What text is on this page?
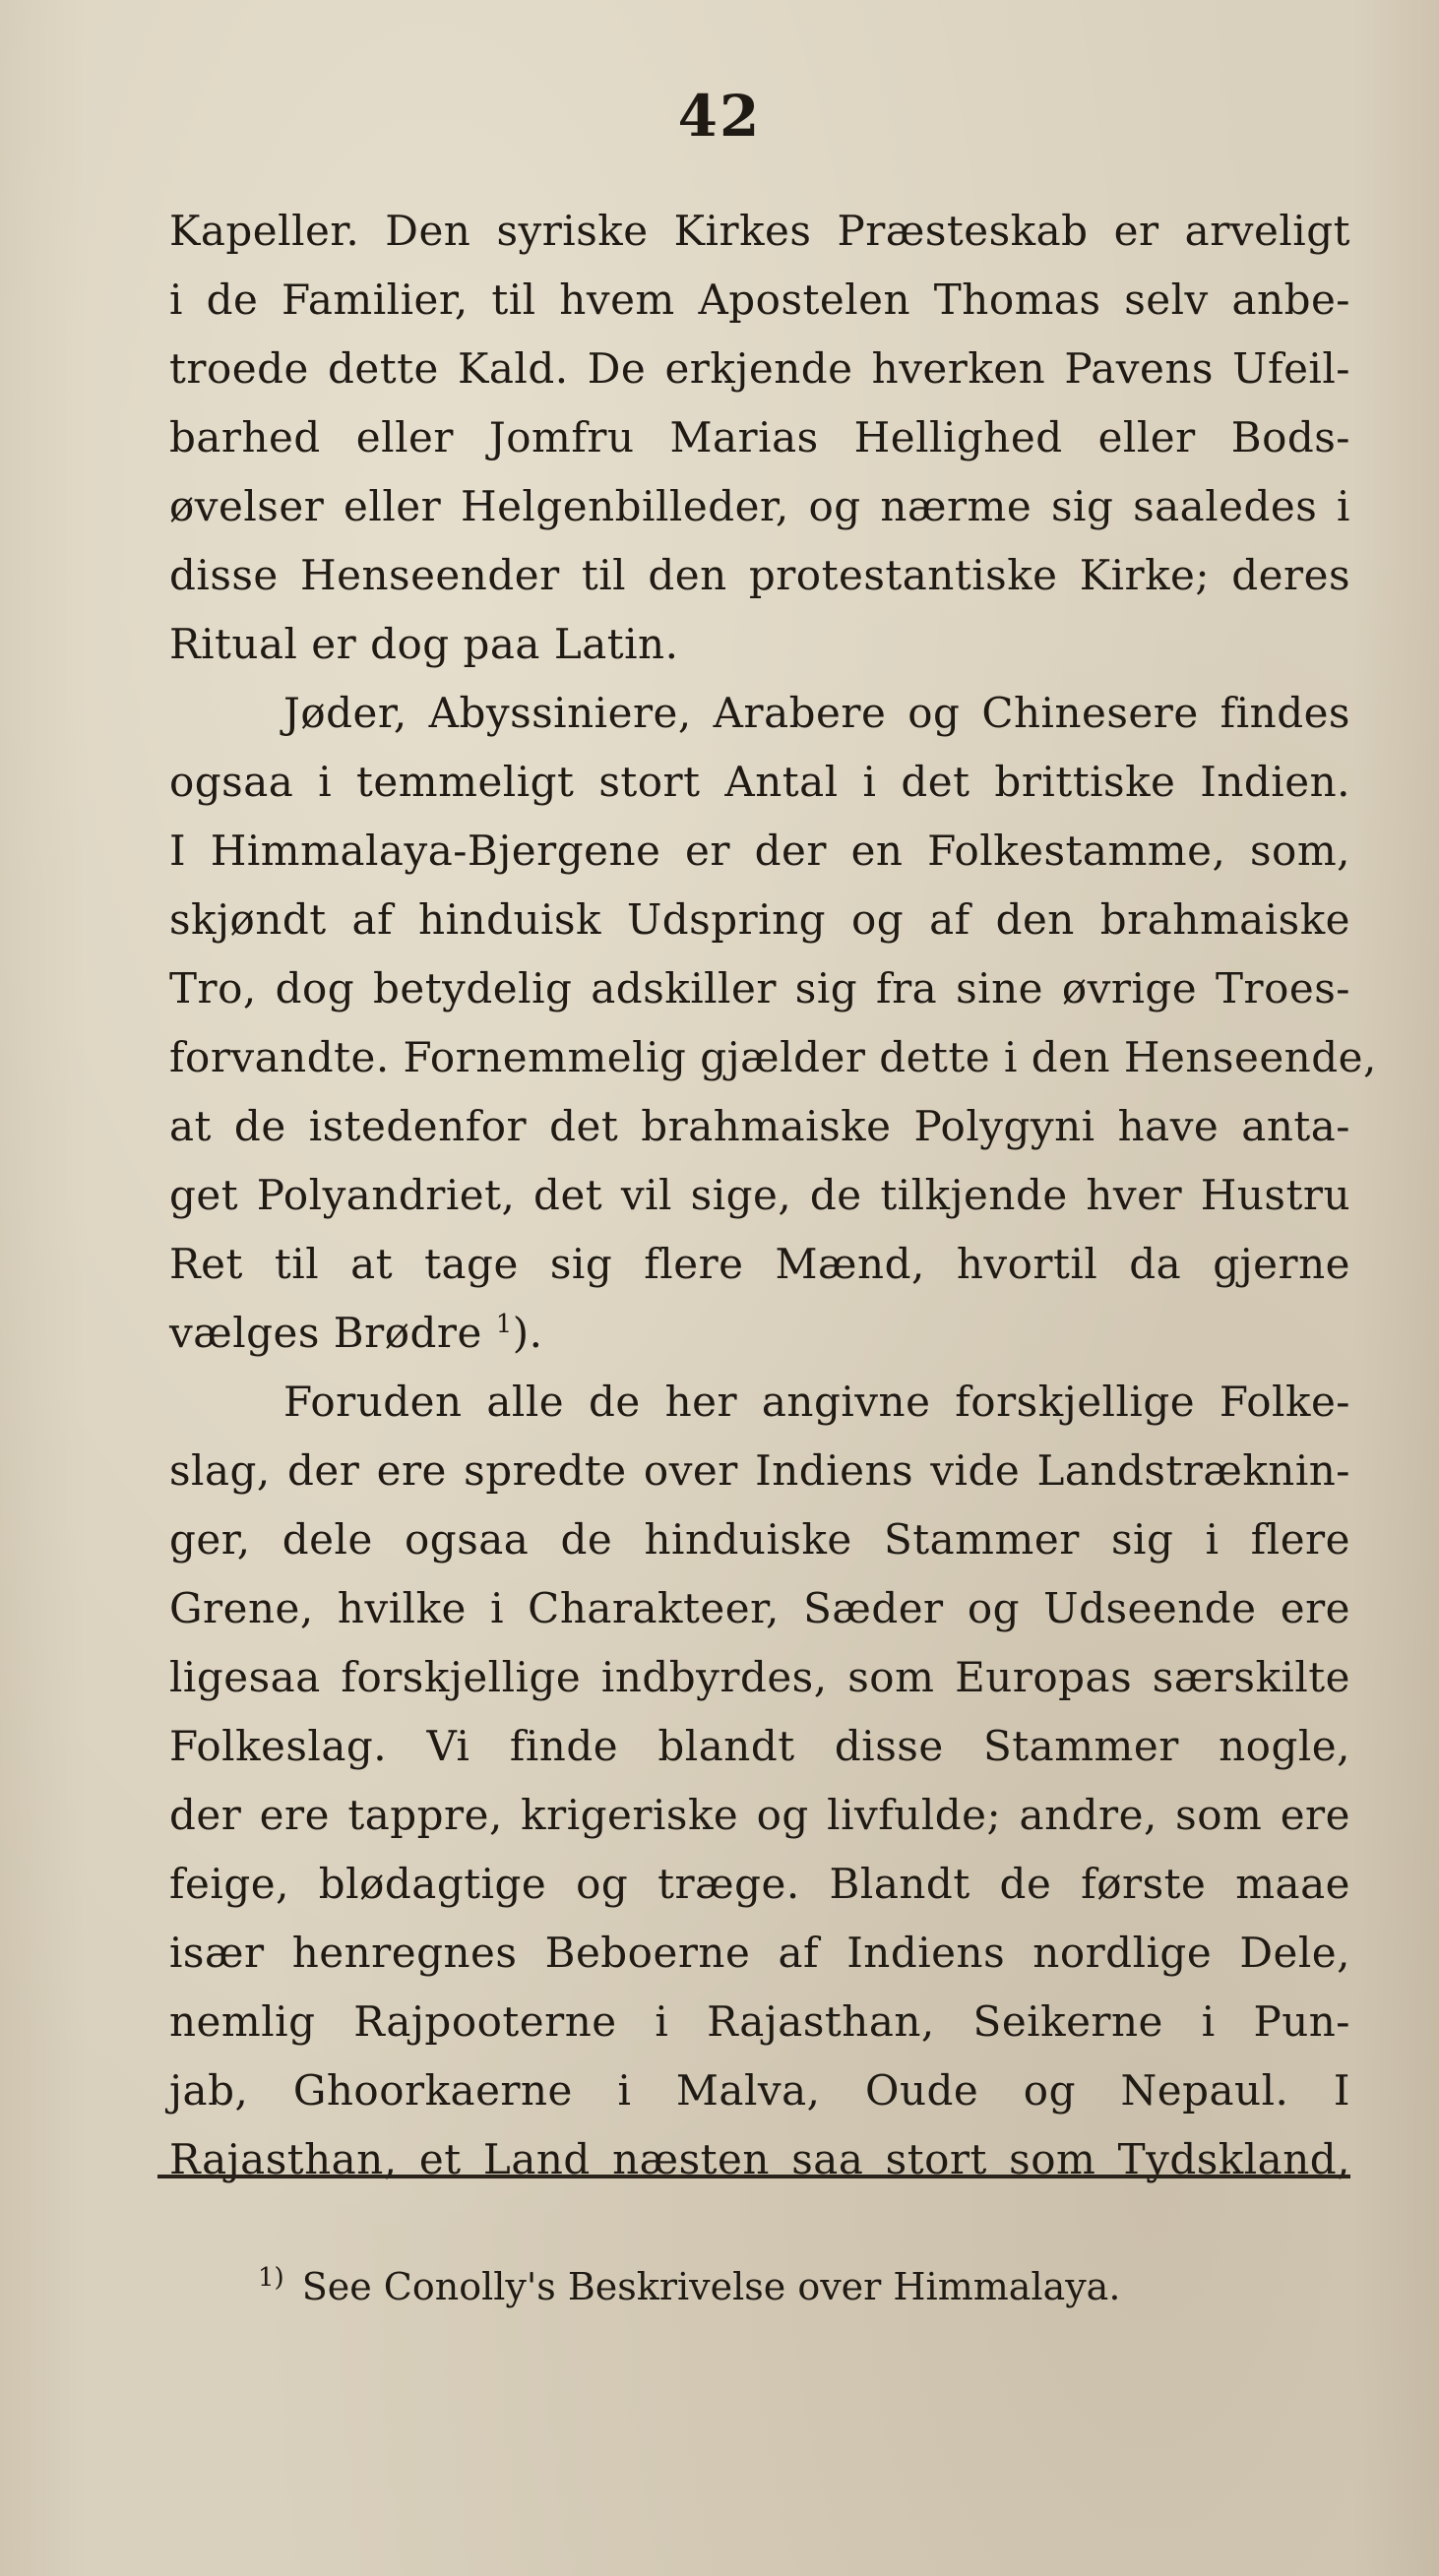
42
Kapeller. Den syriske Kirkes Præsteskab er arveligt
i de Familier, til hvem Apostelen Thomas selv anbe-
troede dette Kald. De erkjende hverken Pavens Ufeil-
barhed eller Jomfru Marias Hellighed eller Bods-
øvelser eller Helgenbilleder, og nærme sig saaledes i
disse Henseender til den protestantiske Kirke; deres
Ritual er dog paa Latin.
Jøder, Abyssiniere, Arabere og Chinesere findes
ogsaa i temmeligt stort Antal i det brittiske Indien.
I Himmalaya-Bjergene er der en Folkestamme, som,
skjøndt af hinduisk Udspring og af den brahmaiske
Tro, dog betydelig adskiller sig fra sine øvrige Troes-
forvandte. Fornemmelig gjælder dette i den Henseende,
at de istedenfor det brahmaiske Polygyni have anta-
get Polyandriet, det vil sige, de tilkjende hver Hustru
Ret til at tage sig flere Mænd, hvortil da gjerne
vælges Brødre $^1$).
Foruden alle de her angivne forskjellige Folke-
slag, der ere spredte over Indiens vide Landstræknin-
ger, dele ogsaa de hinduiske Stammer sig i flere
Grene, hvilke i Charakteer, Sæder og Udseende ere
ligesaa forskjellige indbyrdes, som Europas særskilte
Folkeslag. Vi finde blandt disse Stammer nogle,
der ere tappre, krigeriske og livfulde; andre, som ere
feige, blødagtige og træge. Blandt de første maae
især henregnes Beboerne af Indiens nordlige Dele,
nemlig Rajpooterne i Rajasthan, Seikerne i Pun-
jab, Ghoorkaerne i Malva, Oude og Nepaul. I
Rajasthan, et Land næsten saa stort som Tydskland,
$^{1)}$ See Conolly's Beskrivelse over Himmalaya.
